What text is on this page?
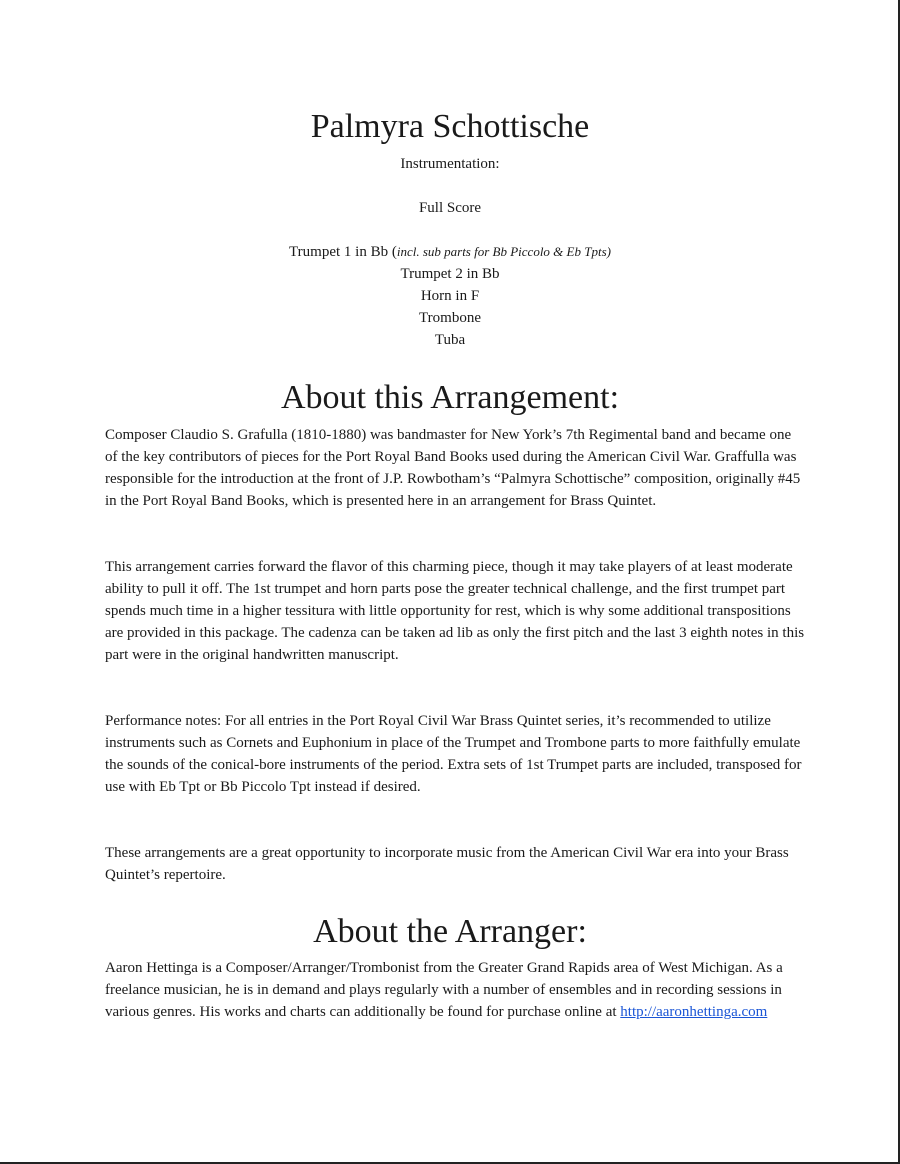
Palmyra Schottische

Instrumentation:

Full Score

Trumpet 1 in Bb (incl. sub parts for Bb Piccolo & Eb Tpts)

Trumpet 2 in Bb

Horn in F

Trombone

Tuba

About this Arrangement:

Composer Claudio S. Grafulla (1810-1880) was bandmaster for New York’s 7th Regimental band and became one of the key contributors of pieces for the Port Royal Band Books used during the American Civil War. Graffulla was responsible for the introduction at the front of J.P. Rowbotham’s “Palmyra Schottische” composition, originally #45 in the Port Royal Band Books, which is presented here in an arrangement for Brass Quintet.

This arrangement carries forward the flavor of this charming piece, though it may take players of at least moderate ability to pull it off. The 1st trumpet and horn parts pose the greater technical challenge, and the first trumpet part spends much time in a higher tessitura with little opportunity for rest, which is why some additional transpositions are provided in this package. The cadenza can be taken ad lib as only the first pitch and the last 3 eighth notes in this part were in the original handwritten manuscript.

Performance notes: For all entries in the Port Royal Civil War Brass Quintet series, it’s recommended to utilize instruments such as Cornets and Euphonium in place of the Trumpet and Trombone parts to more faithfully emulate the sounds of the conical-bore instruments of the period. Extra sets of 1st Trumpet parts are included, transposed for use with Eb Tpt or Bb Piccolo Tpt instead if desired.

These arrangements are a great opportunity to incorporate music from the American Civil War era into your Brass Quintet’s repertoire.

About the Arranger:

Aaron Hettinga is a Composer/Arranger/Trombonist from the Greater Grand Rapids area of West Michigan. As a freelance musician, he is in demand and plays regularly with a number of ensembles and in recording sessions in various genres. His works and charts can additionally be found for purchase online at http://aaronhettinga.com
